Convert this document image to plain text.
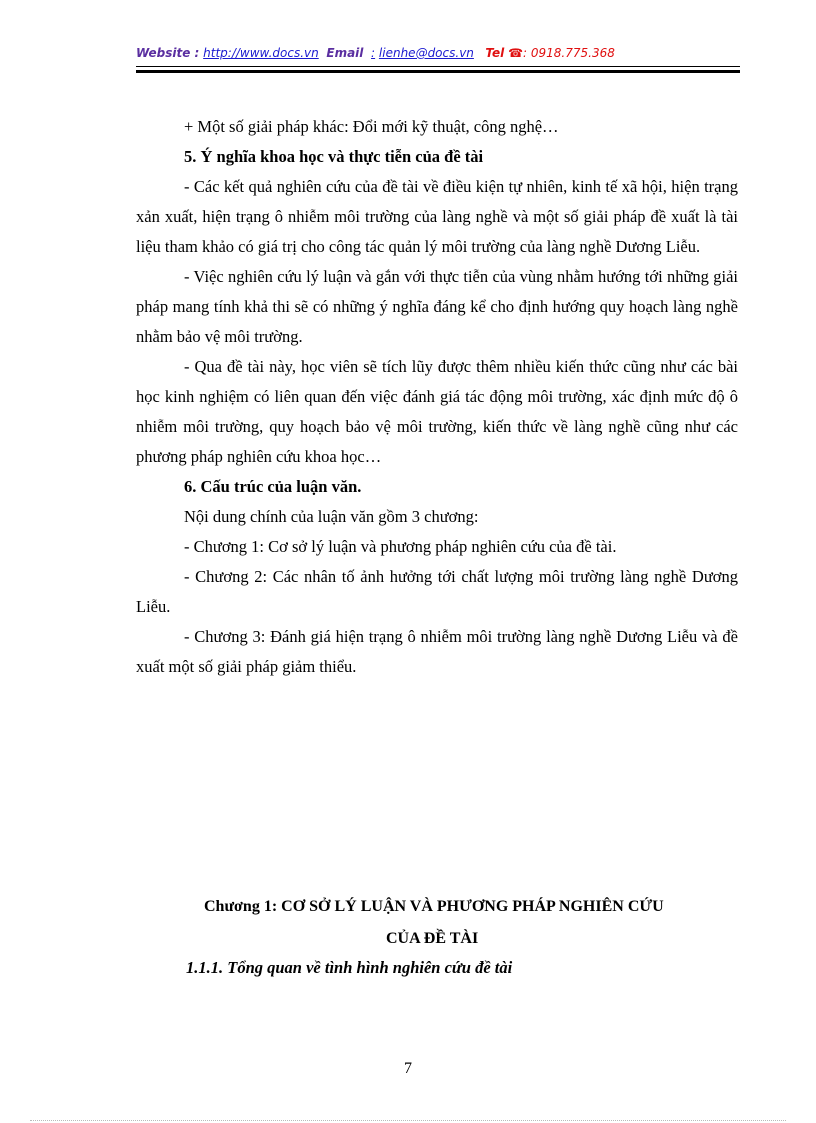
Website : http://www.docs.vn Email : lienhe@docs.vn Tel ☎: 0918.775.368

+ Một số giải pháp khác: Đổi mới kỹ thuật, công nghệ…

5. Ý nghĩa khoa học và thực tiễn của đề tài

- Các kết quả nghiên cứu của đề tài về điều kiện tự nhiên, kinh tế xã hội, hiện trạng xản xuất, hiện trạng ô nhiễm môi trường của làng nghề và một số giải pháp đề xuất là tài liệu tham khảo có giá trị cho công tác quản lý môi trường của làng nghề Dương Liễu.

- Việc nghiên cứu lý luận và gắn với thực tiễn của vùng nhằm hướng tới những giải pháp mang tính khả thi sẽ có những ý nghĩa đáng kể cho định hướng quy hoạch làng nghề nhằm bảo vệ môi trường.

- Qua đề tài này, học viên sẽ tích lũy được thêm nhiều kiến thức cũng như các bài học kinh nghiệm có liên quan đến việc đánh giá tác động môi trường, xác định mức độ ô nhiễm môi trường, quy hoạch bảo vệ môi trường, kiến thức về làng nghề cũng như các phương pháp nghiên cứu khoa học…

6. Cấu trúc của luận văn.

Nội dung chính của luận văn gồm 3 chương:

- Chương 1: Cơ sở lý luận và phương pháp nghiên cứu của đề tài.

- Chương 2: Các nhân tố ảnh hưởng tới chất lượng môi trường làng nghề Dương Liễu.

- Chương 3: Đánh giá hiện trạng ô nhiễm môi trường làng nghề Dương Liễu và đề xuất một số giải pháp giảm thiểu.

Chương 1: CƠ SỞ LÝ LUẬN VÀ PHƯƠNG PHÁP NGHIÊN CỨU
CỦA ĐỀ TÀI
1.1.1. Tổng quan về tình hình nghiên cứu đề tài
7
